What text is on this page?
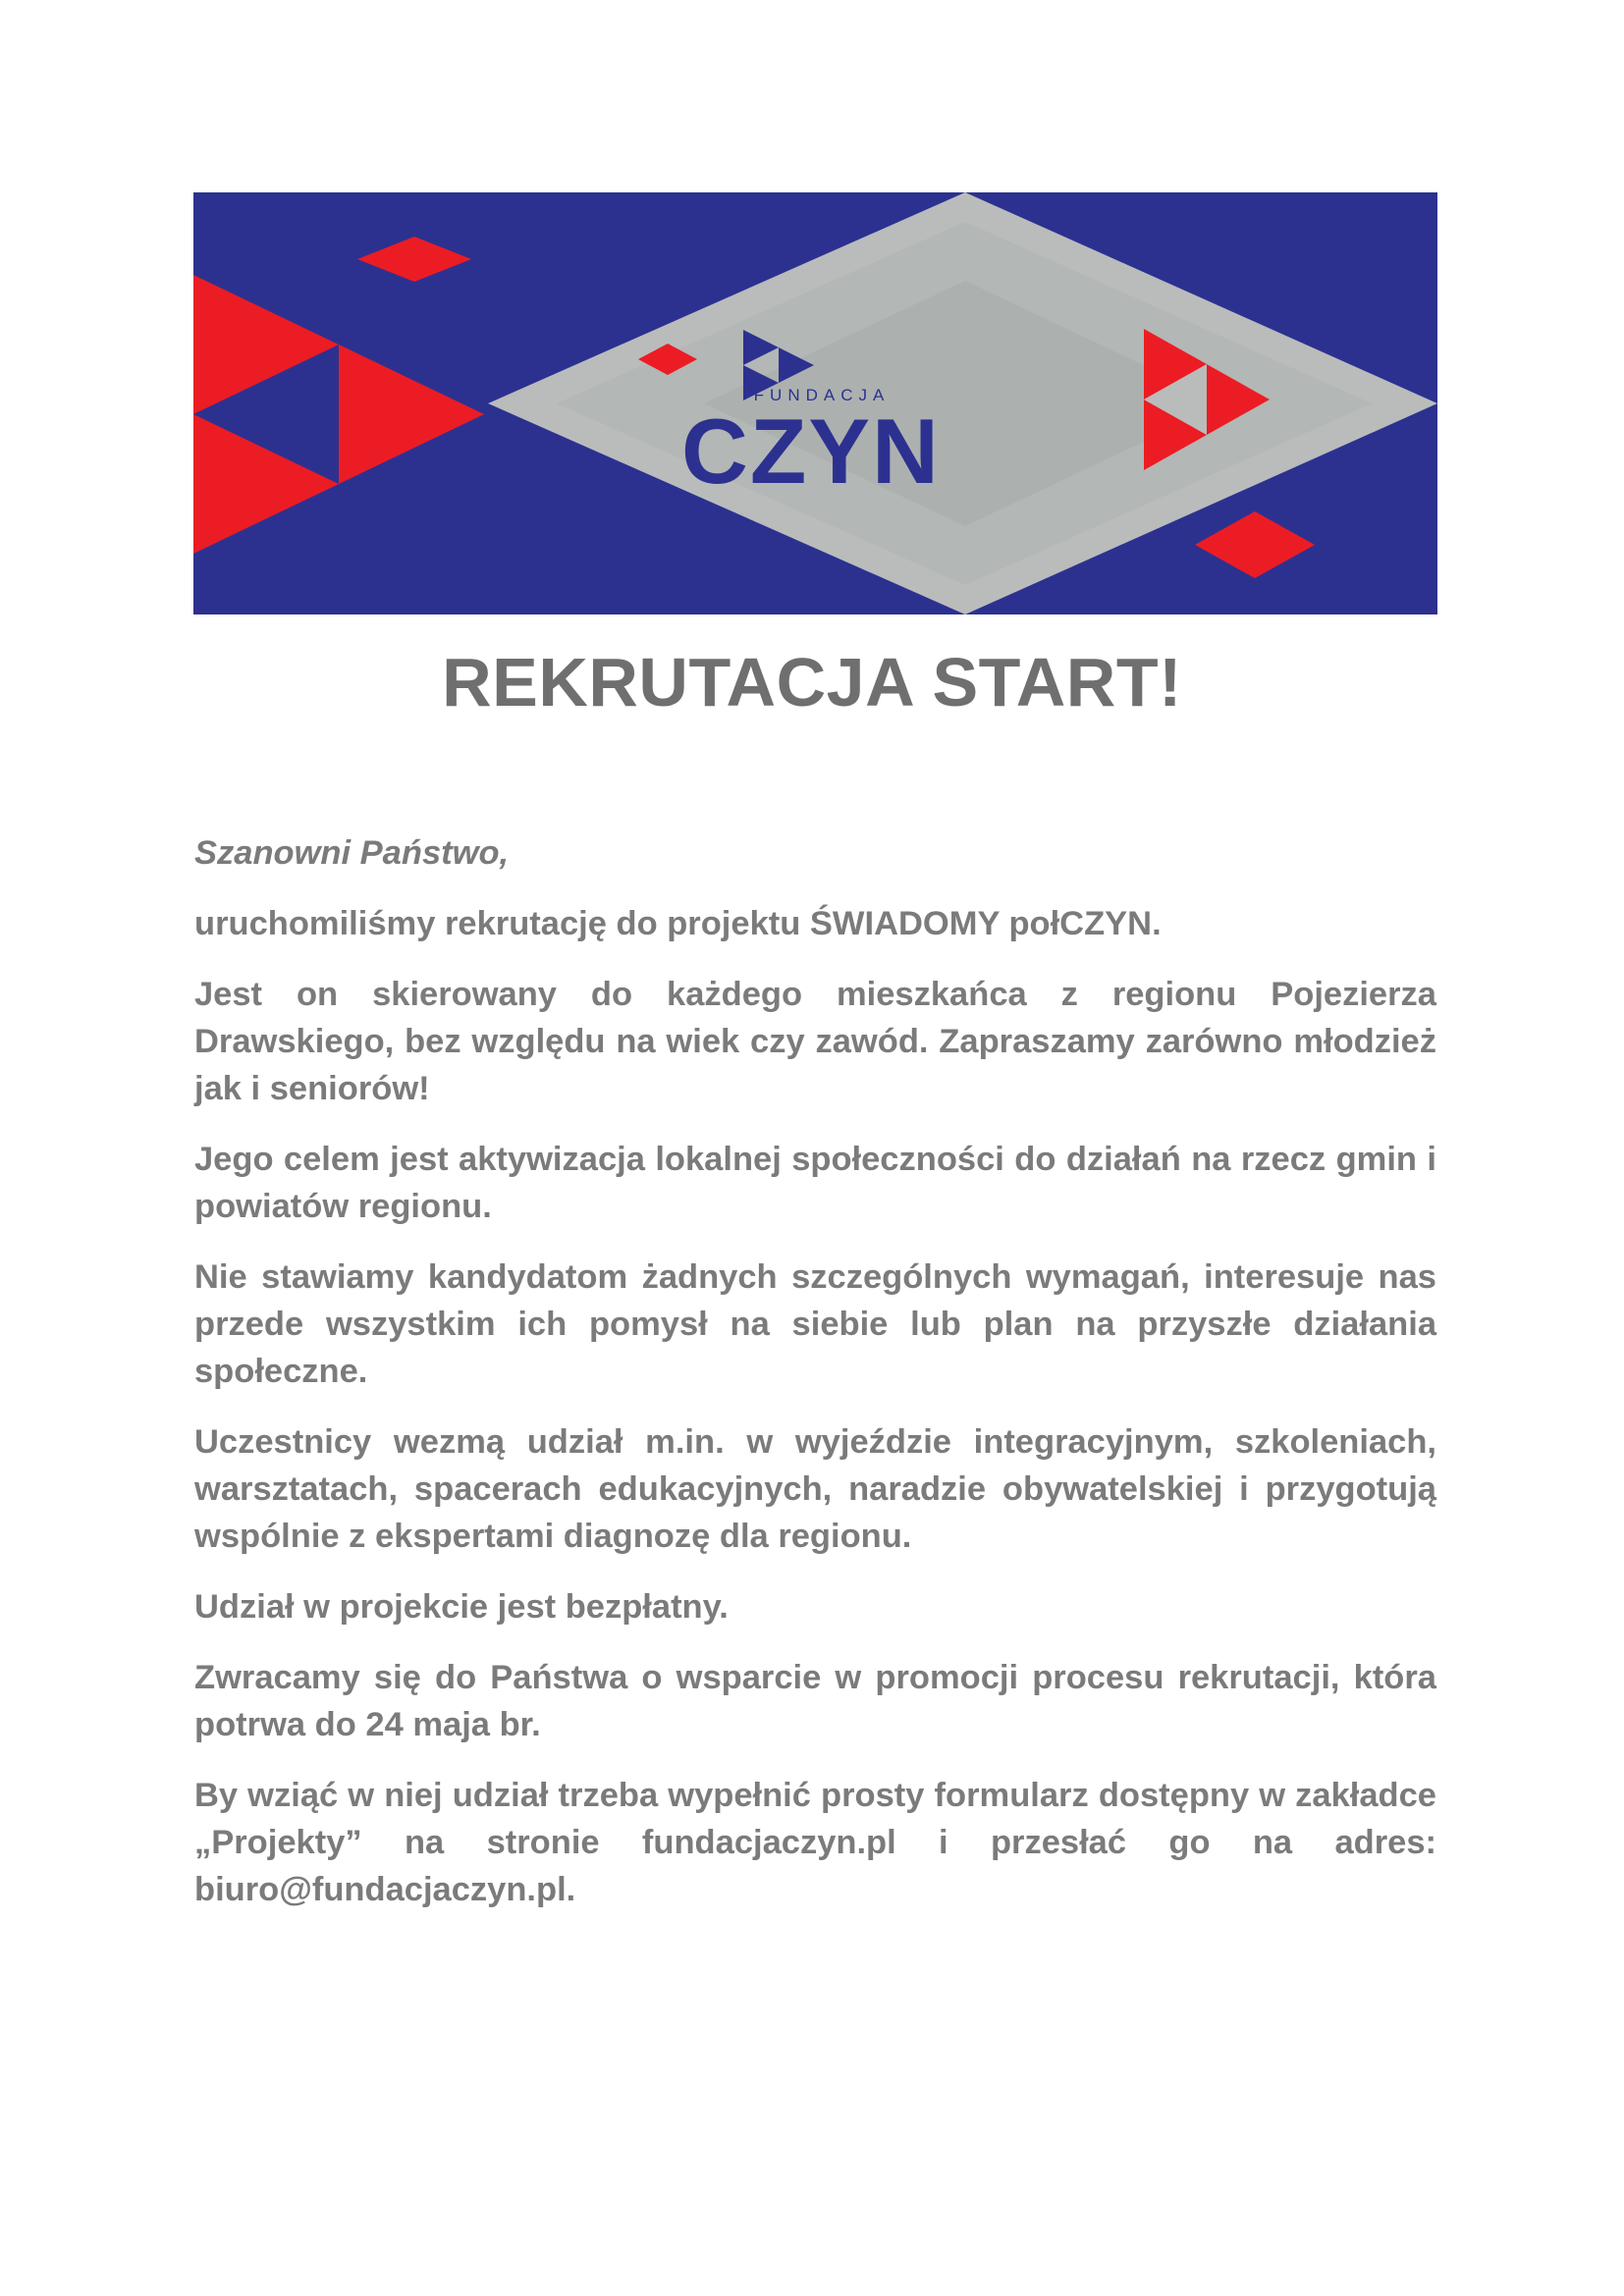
FUNDACJA
CZYN
REKRUTACJA START!

Szanowni Państwo,

uruchomiliśmy rekrutację do projektu ŚWIADOMY połCZYN.

Jest on skierowany do każdego mieszkańca z regionu Pojezierza Drawskiego, bez względu na wiek czy zawód. Zapraszamy zarówno młodzież jak i seniorów!

Jego celem jest aktywizacja lokalnej społeczności do działań na rzecz gmin i powiatów regionu.

Nie stawiamy kandydatom żadnych szczególnych wymagań, interesuje nas przede wszystkim ich pomysł na siebie lub plan na przyszłe działania społeczne.

Uczestnicy wezmą udział m.in. w wyjeździe integracyjnym, szkoleniach, warsztatach, spacerach edukacyjnych, naradzie obywatelskiej i przygotują wspólnie z ekspertami diagnozę dla regionu.

Udział w projekcie jest bezpłatny.

Zwracamy się do Państwa o wsparcie w promocji procesu rekrutacji, która potrwa do 24 maja br.

By wziąć w niej udział trzeba wypełnić prosty formularz dostępny w zakładce „Projekty” na stronie fundacjaczyn.pl i przesłać go na adres: biuro@fundacjaczyn.pl.
